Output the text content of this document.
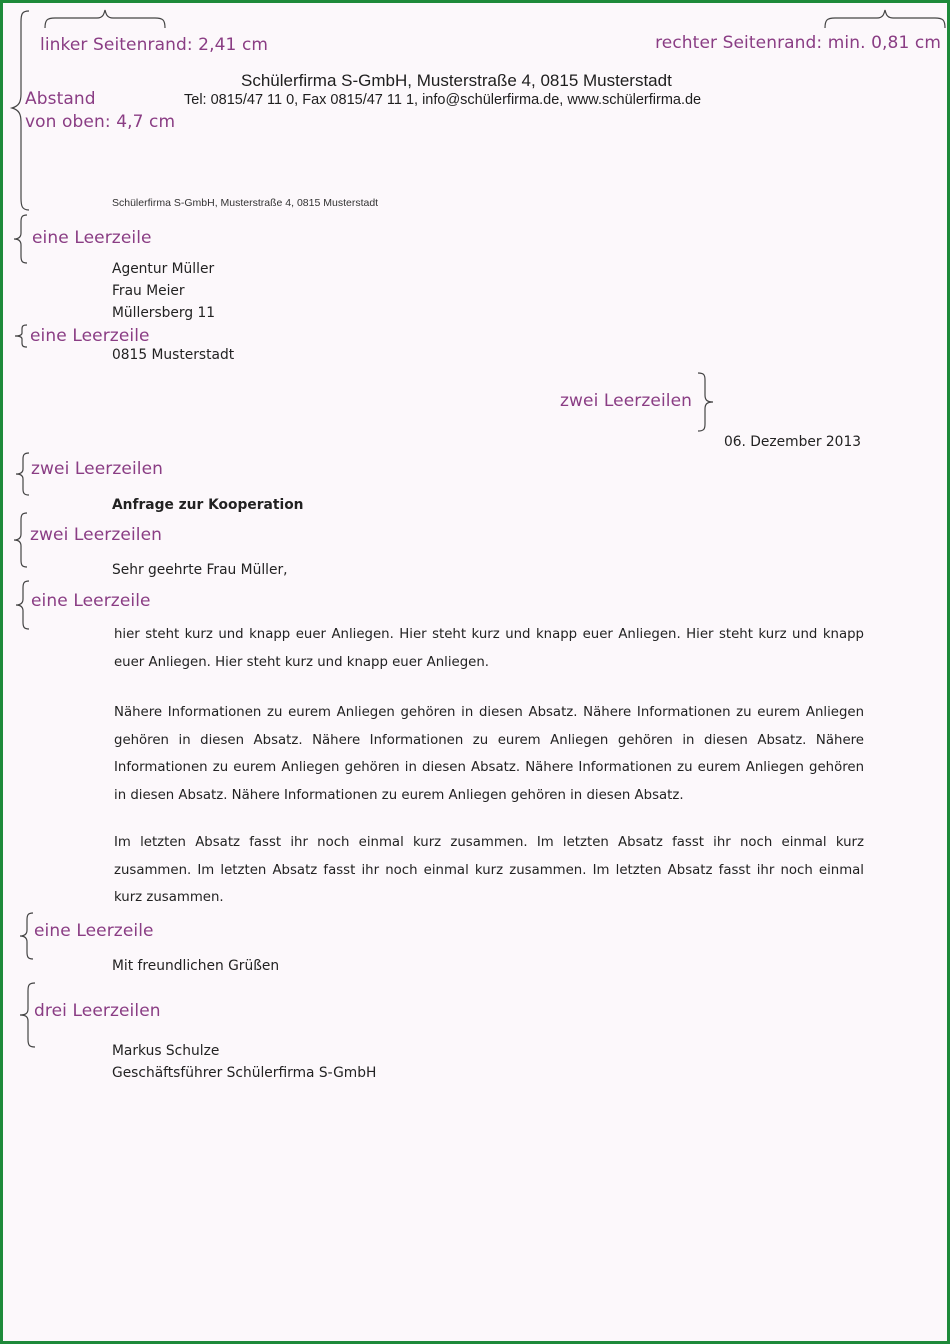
linker Seitenrand: 2,41 cm	rechter Seitenrand: min. 0,81 cm
Abstand
von oben: 4,7 cm
Schülerfirma S-GmbH, Musterstraße 4, 0815 Musterstadt
Tel: 0815/47 11 0, Fax 0815/47 11 1, info@schülerfirma.de, www.schülerfirma.de
Schülerfirma S-GmbH, Musterstraße 4, 0815 Musterstadt
eine Leerzeile
Agentur Müller
Frau Meier
Müllersberg 11
eine Leerzeile
0815 Musterstadt
zwei Leerzeilen
06. Dezember 2013
zwei Leerzeilen
Anfrage zur Kooperation
zwei Leerzeilen
Sehr geehrte Frau Müller,
eine Leerzeile
hier steht kurz und knapp euer Anliegen. Hier steht kurz und knapp euer Anliegen. Hier steht kurz und knapp euer Anliegen. Hier steht kurz und knapp euer Anliegen.
Nähere Informationen zu eurem Anliegen gehören in diesen Absatz. Nähere Informationen zu eurem Anliegen gehören in diesen Absatz. Nähere Informationen zu eurem Anliegen gehören in diesen Absatz. Nähere Informationen zu eurem Anliegen gehören in diesen Absatz. Nähere Informationen zu eurem Anliegen gehören in diesen Absatz. Nähere Informationen zu eurem Anliegen gehören in diesen Absatz.
Im letzten Absatz fasst ihr noch einmal kurz zusammen. Im letzten Absatz fasst ihr noch einmal kurz zusammen. Im letzten Absatz fasst ihr noch einmal kurz zusammen. Im letzten Absatz fasst ihr noch einmal kurz zusammen.
eine Leerzeile
Mit freundlichen Grüßen
drei Leerzeilen
Markus Schulze
Geschäftsführer Schülerfirma S-GmbH
